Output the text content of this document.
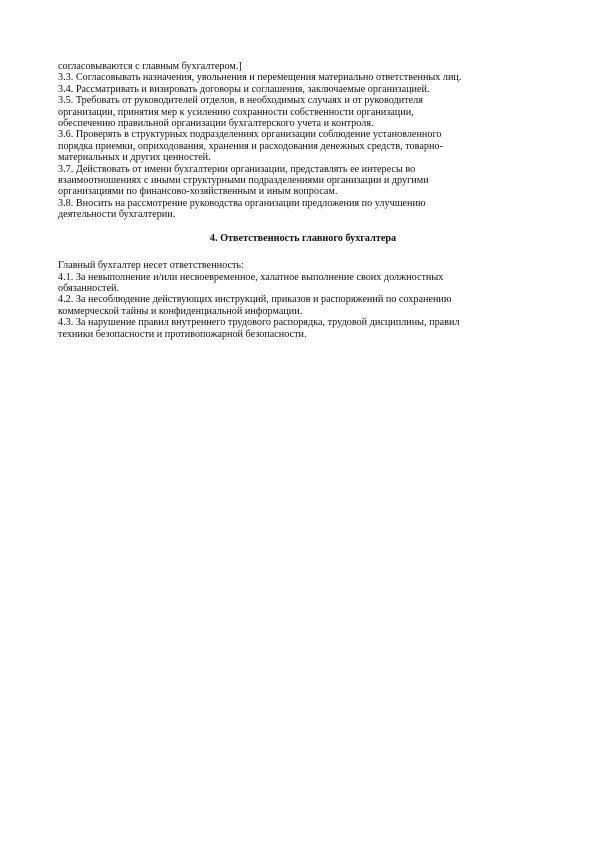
согласовываются с главным бухгалтером.]

3.3. Согласовывать назначения, увольнения и перемещения материально ответственных лиц.

3.4. Рассматривать и визировать договоры и соглашения, заключаемые организацией.

3.5. Требовать от руководителей отделов, в необходимых случаях и от руководителя
организации, принятия мер к усилению сохранности собственности организации,
обеспечению правильной организации бухгалтерского учета и контроля.

3.6. Проверять в структурных подразделениях организации соблюдение установленного
порядка приемки, оприходования, хранения и расходования денежных средств, товарно-
материальных и других ценностей.

3.7. Действовать от имени бухгалтерии организации, представлять ее интересы во
взаимоотношениях с иными структурными подразделениями организации и другими
организациями по финансово-хозяйственным и иным вопросам.

3.8. Вносить на рассмотрение руководства организации предложения по улучшению
деятельности бухгалтерии.

4. Ответственность главного бухгалтера

Главный бухгалтер несет ответственность:

4.1. За невыполнение и/или несвоевременное, халатное выполнение своих должностных
обязанностей.

4.2. За несоблюдение действующих инструкций, приказов и распоряжений по сохранению
коммерческой тайны и конфиденциальной информации.

4.3. За нарушение правил внутреннего трудового распорядка, трудовой дисциплины, правил
техники безопасности и противопожарной безопасности.
